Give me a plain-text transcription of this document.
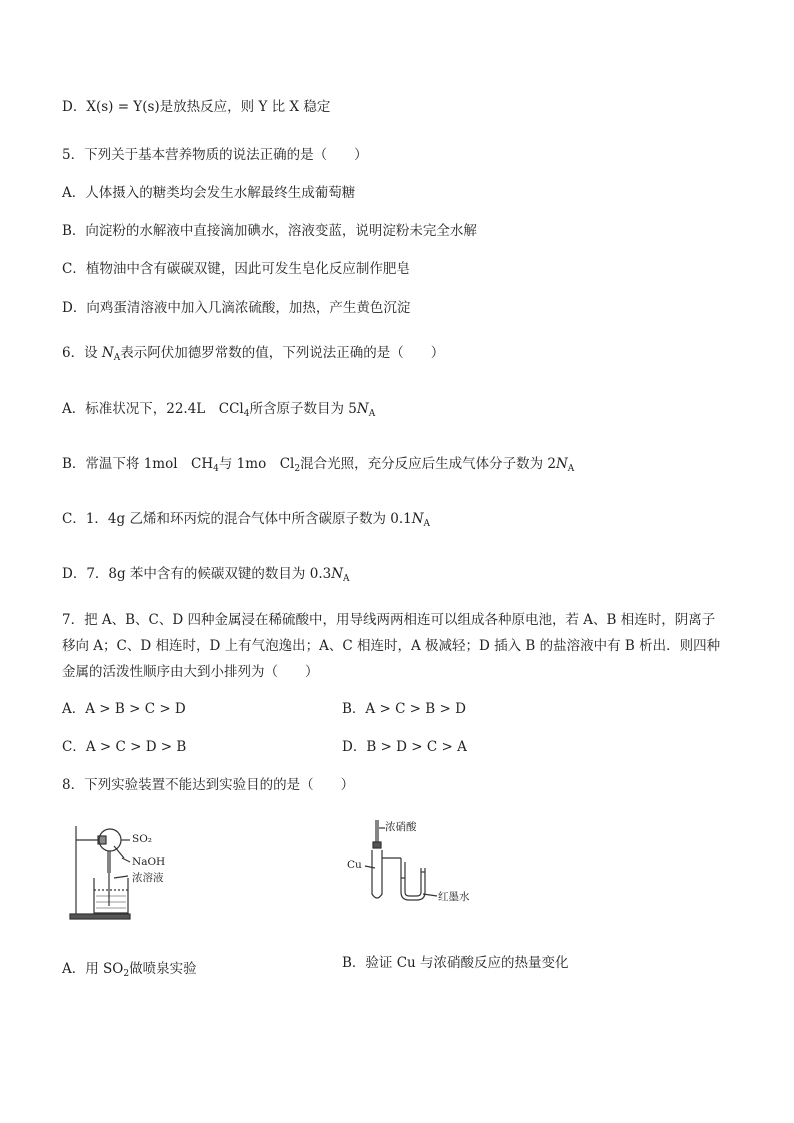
D．X(s) = Y(s)是放热反应，则 Y 比 X 稳定
5．下列关于基本营养物质的说法正确的是（　　）
A．人体摄入的糖类均会发生水解最终生成葡萄糖
B．向淀粉的水解液中直接滴加碘水，溶液变蓝，说明淀粉未完全水解
C．植物油中含有碳碳双键，因此可发生皂化反应制作肥皂
D．向鸡蛋清溶液中加入几滴浓硫酸，加热，产生黄色沉淀
6．设 $N_A$表示阿伏加德罗常数的值，下列说法正确的是（　　）
A．标准状况下，22.4L　CCl$_4$所含原子数目为 $5N_A$
B．常温下将 1mol　$CH_4$与 1mo　$Cl_2$混合光照，充分反应后生成气体分子数为 $2N_A$
C．1．4g 乙烯和环丙烷的混合气体中所含碳原子数为 $0.1N_A$
D．7．8g 苯中含有的候碳双键的数目为 $0.3N_A$
7．把 A、B、C、D 四种金属浸在稀硫酸中，用导线两两相连可以组成各种原电池，若 A、B 相连时，阴离子
移向 A；C、D 相连时，D 上有气泡逸出；A、C 相连时，A 极减轻；D 插入 B 的盐溶液中有 B 析出．则四种
金属的活泼性顺序由大到小排列为（　　）
A．A > B > C > D	B．A > C > B > D
C．A > C > D > B	D．B > D > C > A
8．下列实验装置不能达到实验目的的是（　　）
SO₂
NaOH
浓溶液
浓硝酸
Cu
红墨水
A．用 $SO_2$做喷泉实验	B．验证 Cu 与浓硝酸反应的热量变化
